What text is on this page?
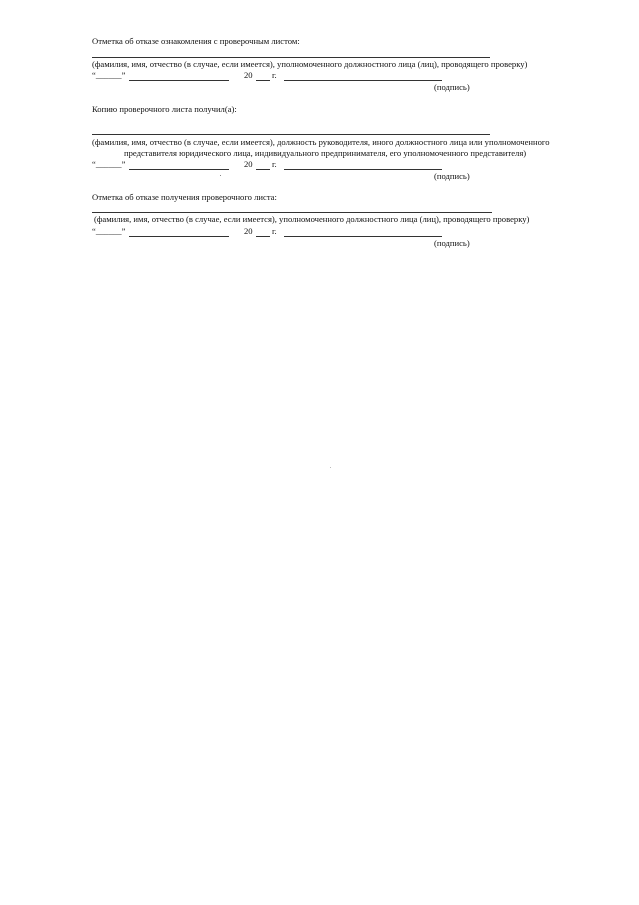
Отметка об отказе ознакомления с проверочным листом:
(фамилия, имя, отчество (в случае, если имеется), уполномоченного должностного лица (лиц), проводящего проверку)
“______”	20 г.
(подпись)
Копию проверочного листа получил(а):
(фамилия, имя, отчество (в случае, если имеется), должность руководителя, иного должностного лица или уполномоченного
представителя юридического лица, индивидуального предпринимателя, его уполномоченного представителя)
“______”	20 г.
(подпись)
Отметка об отказе получения проверочного листа:
(фамилия, имя, отчество (в случае, если имеется), уполномоченного должностного лица (лиц), проводящего проверку)
“______”	20 г.
(подпись)
